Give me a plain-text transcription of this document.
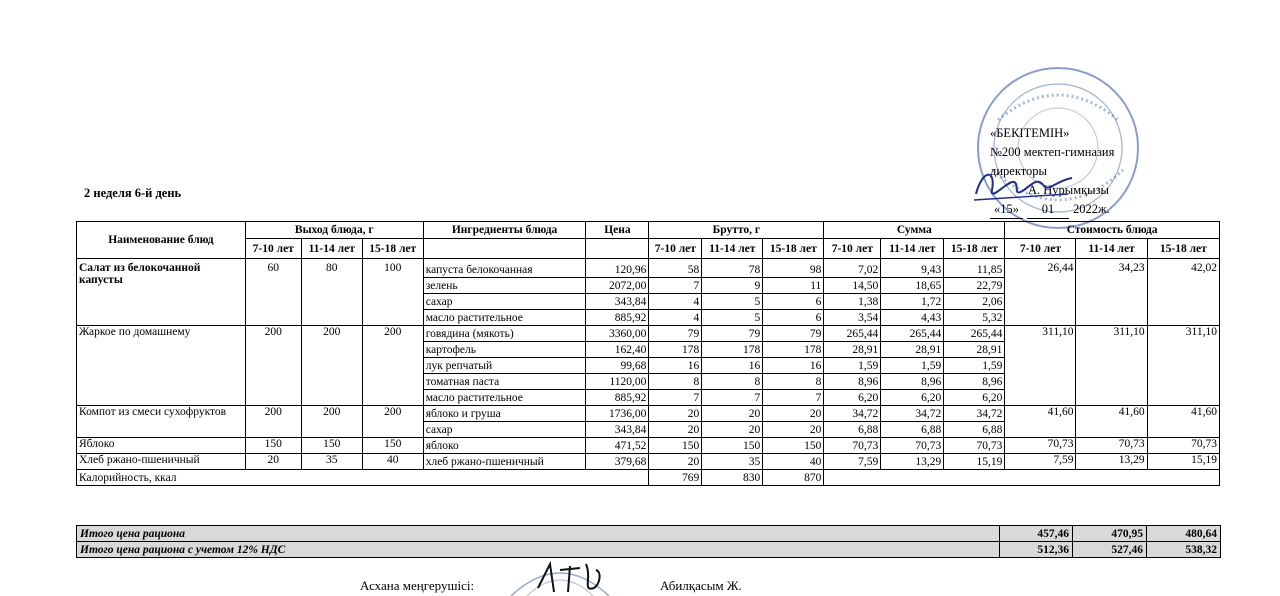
«БЕКІТЕМІН»
№200 мектеп-гимназия
директоры
А. Нурымқызы
«15»	01	2022ж.
2 неделя 6-й день
Наименование блюд	Выход блюда, г			Ингредиенты блюда	Цена	Брутто, г			Сумма			Стоимость блюда		
	7-10 лет	11-14 лет	15-18 лет			7-10 лет	11-14 лет	15-18 лет	7-10 лет	11-14 лет	15-18 лет	7-10 лет	11-14 лет	15-18 лет
Салат из белокочанной капусты	60	80	100	капуста белокочанная	120,96	58	78	98	7,02	9,43	11,85	26,44	34,23	42,02
				зелень	2072,00	7	9	11	14,50	18,65	22,79			
				сахар	343,84	4	5	6	1,38	1,72	2,06			
				масло растительное	885,92	4	5	6	3,54	4,43	5,32			
Жаркое по домашнему	200	200	200	говядина (мякоть)	3360,00	79	79	79	265,44	265,44	265,44	311,10	311,10	311,10
				картофель	162,40	178	178	178	28,91	28,91	28,91			
				лук репчатый	99,68	16	16	16	1,59	1,59	1,59			
				томатная паста	1120,00	8	8	8	8,96	8,96	8,96			
				масло растительное	885,92	7	7	7	6,20	6,20	6,20			
Компот из смеси сухофруктов	200	200	200	яблоко и груша	1736,00	20	20	20	34,72	34,72	34,72	41,60	41,60	41,60
				сахар	343,84	20	20	20	6,88	6,88	6,88			
Яблоко	150	150	150	яблоко	471,52	150	150	150	70,73	70,73	70,73	70,73	70,73	70,73
Хлеб ржано-пшеничный	20	35	40	хлеб ржано-пшеничный	379,68	20	35	40	7,59	13,29	15,19	7,59	13,29	15,19
Калорийность, ккал						769	830	870						
Итого цена рациона	457,46	470,95	480,64
Итого цена рациона с учетом 12% НДС	512,36	527,46	538,32
Асхана меңгерушісі:	Абилқасым Ж.
